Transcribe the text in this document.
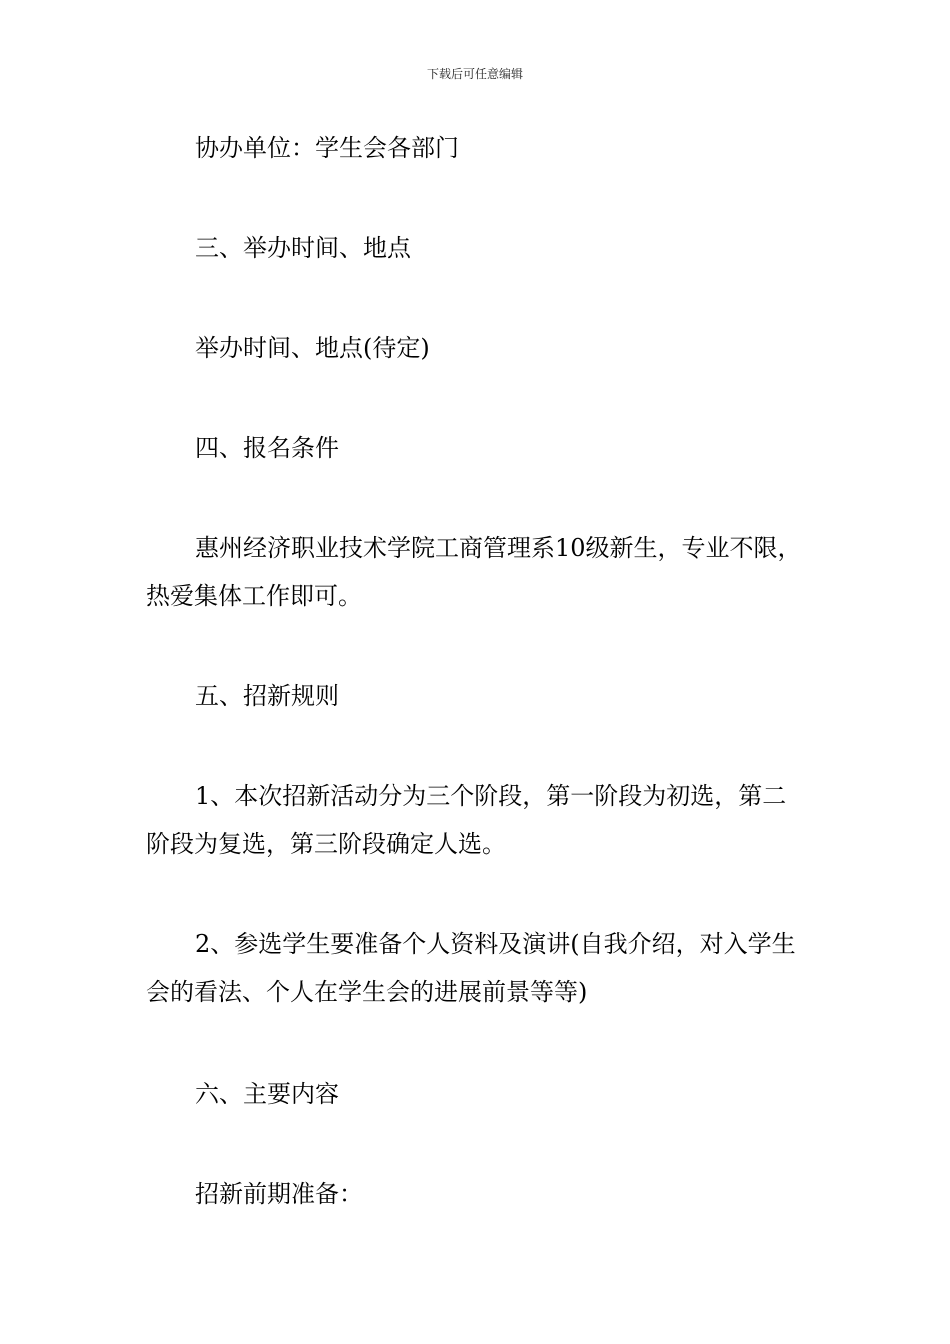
下载后可任意编辑

协办单位：学生会各部门

三、举办时间、地点

举办时间、地点(待定)

四、报名条件

惠州经济职业技术学院工商管理系10级新生，专业不限，热爱集体工作即可。

五、招新规则

1、本次招新活动分为三个阶段，第一阶段为初选，第二阶段为复选，第三阶段确定人选。

2、参选学生要准备个人资料及演讲(自我介绍，对入学生会的看法、个人在学生会的进展前景等等)

六、主要内容

招新前期准备：
